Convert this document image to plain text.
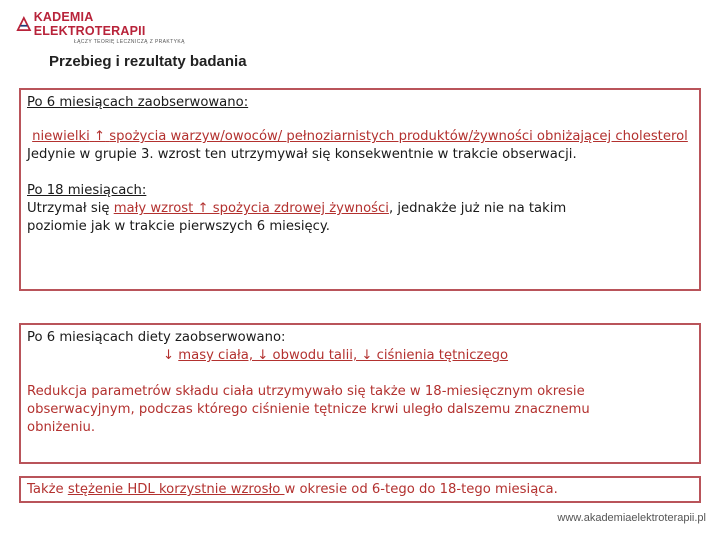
KADEMIA ELEKTROTERAPII
ŁĄCZY TEORIĘ LECZNICZĄ Z PRAKTYKĄ
Przebieg i rezultaty badania
Po 6 miesiącach zaobserwowano:
niewielki ↑ spożycia warzyw/owoców/ pełnoziarnistych produktów/żywności obniżającej cholesterol
Jedynie w grupie 3. wzrost ten utrzymywał się konsekwentnie w trakcie obserwacji.
Po 18 miesiącach:
Utrzymał się mały wzrost ↑ spożycia zdrowej żywności, jednakże już nie na takim
poziomie jak w trakcie pierwszych 6 miesięcy.
Po 6 miesiącach diety zaobserwowano:
↓ masy ciała, ↓ obwodu talii, ↓ ciśnienia tętniczego
Redukcja parametrów składu ciała utrzymywało się także w 18-miesięcznym okresie
obserwacyjnym, podczas którego ciśnienie tętnicze krwi uległo dalszemu znacznemu
obniżeniu.
Także stężenie HDL korzystnie wzrosło w okresie od 6-tego do 18-tego miesiąca.
www.akademiaelektroterapii.pl
